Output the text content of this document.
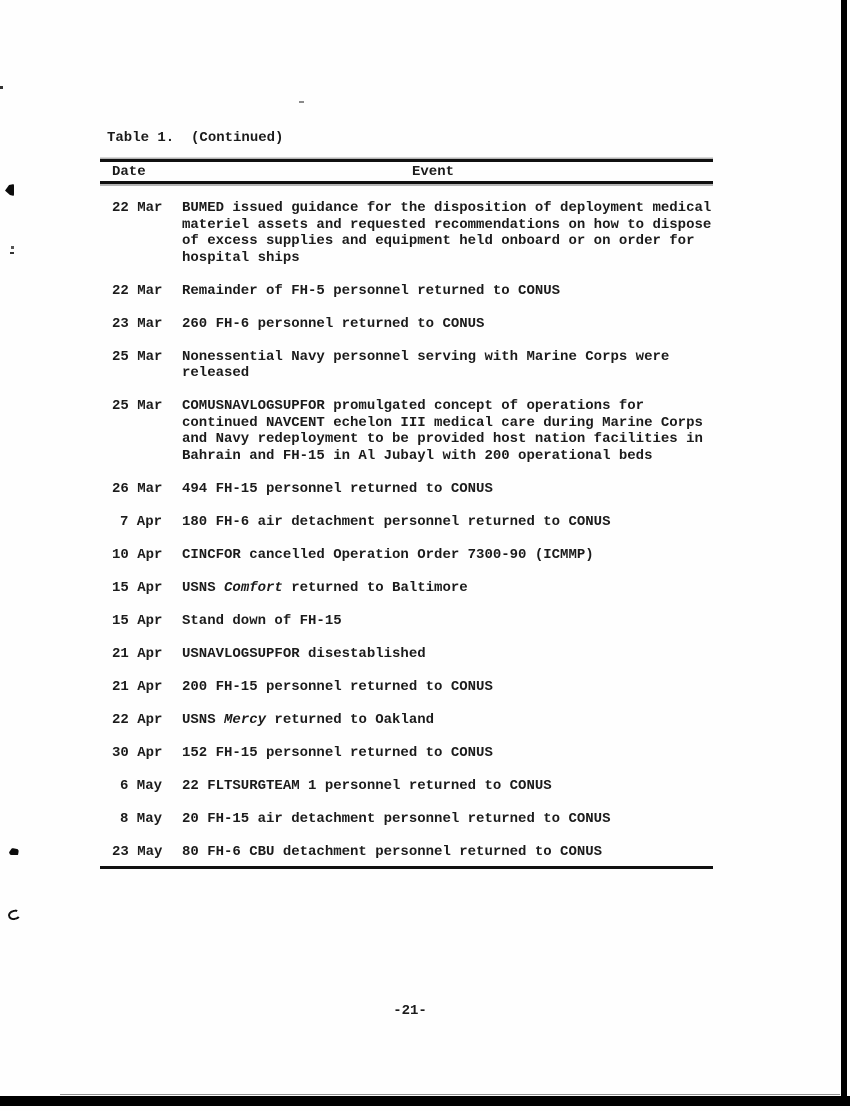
Table 1.  (Continued)
Date	Event
22 Mar BUMED issued guidance for the disposition of deployment medical
materiel assets and requested recommendations on how to dispose
of excess supplies and equipment held onboard or on order for
hospital ships
22 Mar Remainder of FH-5 personnel returned to CONUS
23 Mar 260 FH-6 personnel returned to CONUS
25 Mar Nonessential Navy personnel serving with Marine Corps were
released
25 Mar COMUSNAVLOGSUPFOR promulgated concept of operations for
continued NAVCENT echelon III medical care during Marine Corps
and Navy redeployment to be provided host nation facilities in
Bahrain and FH-15 in Al Jubayl with 200 operational beds
26 Mar 494 FH-15 personnel returned to CONUS
7 Apr 180 FH-6 air detachment personnel returned to CONUS
10 Apr CINCFOR cancelled Operation Order 7300-90 (ICMMP)
15 Apr USNS Comfort returned to Baltimore
15 Apr Stand down of FH-15
21 Apr USNAVLOGSUPFOR disestablished
21 Apr 200 FH-15 personnel returned to CONUS
22 Apr USNS Mercy returned to Oakland
30 Apr 152 FH-15 personnel returned to CONUS
6 May 22 FLTSURGTEAM 1 personnel returned to CONUS
8 May 20 FH-15 air detachment personnel returned to CONUS
23 May 80 FH-6 CBU detachment personnel returned to CONUS
-21-
